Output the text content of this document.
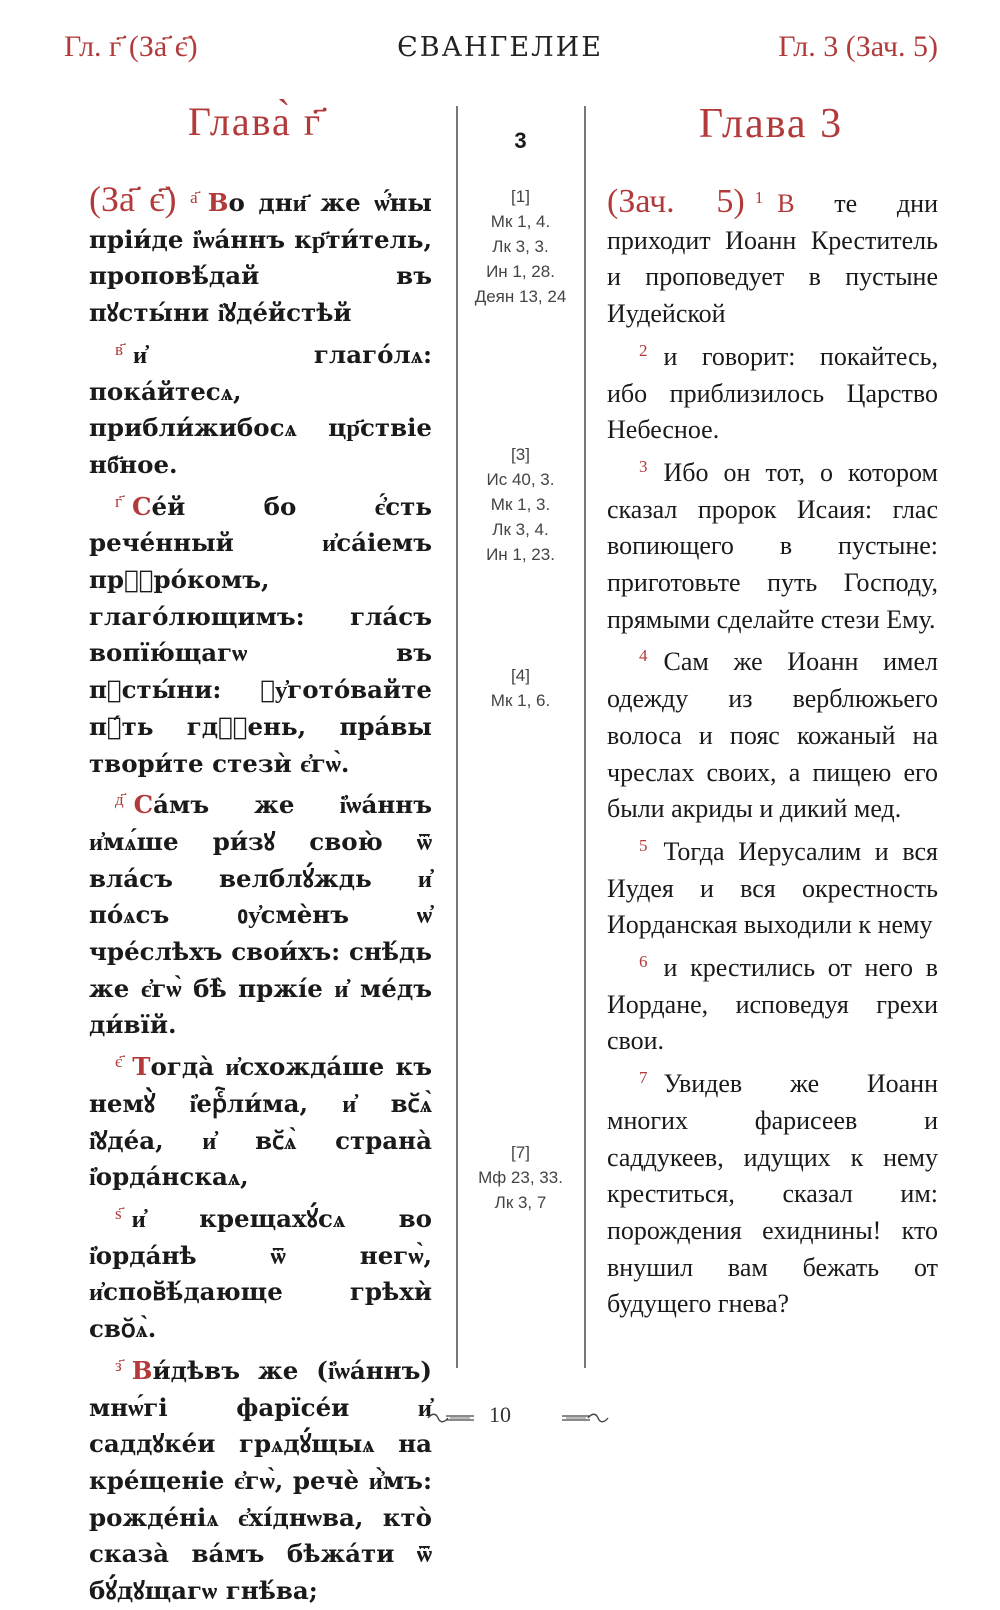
Гл. г҃ (За҃ є҃)	ЄВАНГЕЛИЕ	Гл. 3 (Зач. 5)
Глава̀ г҃	3	Глава 3

(За҃ є҃) $^{а҃}$ Во дни҃ же ѡ҆́ны пріи́де і҆ѡа́ннъ кр҃ти́тель, проповѣ́дай въ пꙋсты́ни і҆ꙋде́йстѣй

$^{в҃}$ и҆ глаго́лѧ: пока́йтесѧ, прибли́жибосѧ цр҃ствіе нб҃ное.

$^{г҃}$ Се́й бо є҆́сть рече́нный и҆са́іемъ прⷪ҇ро́комъ, глаго́лющимъ: гла́съ вопїю́щагѡ въ пꙋсты́ни: ᲂу҆гото́вайте пꙋ́ть гдⷭ҇ень, пра́вы твори́те стезѝ є҆гѡ̀.

$^{д҃}$ Са́мъ же і҆ѡа́ннъ и҆мѧ́ше ри́зꙋ свою̀ ѿ вла́съ велблꙋ́ждь и҆ по́ѧсъ ᲂу҆смѐнъ ѡ҆ чре́слѣхъ свои́хъ: снѣ́дь же є҆гѡ̀ бѣ̀ пржі́е и҆ ме́дъ ди́вїй.

$^{є҃}$ Тогда̀ и҆схожда́ше къ немꙋ̀ і҆ерⷭ҇ли́ма, и҆ вс꙼ѧ̀ і҆ꙋде́а, и҆ вс꙼ѧ̀ страна̀ і҆орда́нскаѧ,

$^{ѕ҃}$ и҆ крещахꙋ́сѧ во і҆орда́нѣ ѿ негѡ̀, и҆спов꙼ѣ́дающе грѣхѝ сво꙼ѧ̀.

$^{з҃}$ Ви́дѣвъ же (і҆ѡа́ннъ) мнѡ́гі фарїсе́и и҆ саддꙋке́и грѧдꙋ́щыѧ на кре́щеніе є҆гѡ̀, речѐ и҆̀мъ: рожде́ніѧ є҆хі́днѡва, кто̀ сказа̀ ва́мъ бѣжа́ти ѿ бꙋ́дꙋщагѡ гнѣ́ва;

[1]
Мк 1, 4.
Лк 3, 3.
Ин 1, 28.
Деян 13, 24
[3]
Ис 40, 3.
Мк 1, 3.
Лк 3, 4.
Ин 1, 23.
[4]
Мк 1, 6.
[7]
Мф 23, 33.
Лк 3, 7

(Зач. 5) $^1$ В те дни приходит Иоанн Креститель и проповедует в пустыне Иудейской

$^2$ и говорит: покайтесь, ибо приблизилось Царство Небесное.

$^3$ Ибо он тот, о котором сказал пророк Исаия: глас вопиющего в пустыне: приготовьте путь Господу, прямыми сделайте стези Ему.

$^4$ Сам же Иоанн имел одежду из верблюжьего волоса и пояс кожаный на чреслах своих, а пищею его были акриды и дикий мед.

$^5$ Тогда Иерусалим и вся Иудея и вся окрестность Иорданская выходили к нему

$^6$ и крестились от него в Иордане, исповедуя грехи свои.

$^7$ Увидев же Иоанн многих фарисеев и саддукеев, идущих к нему креститься, сказал им: порождения ехиднины! кто внушил вам бежать от будущего гнева?

10
